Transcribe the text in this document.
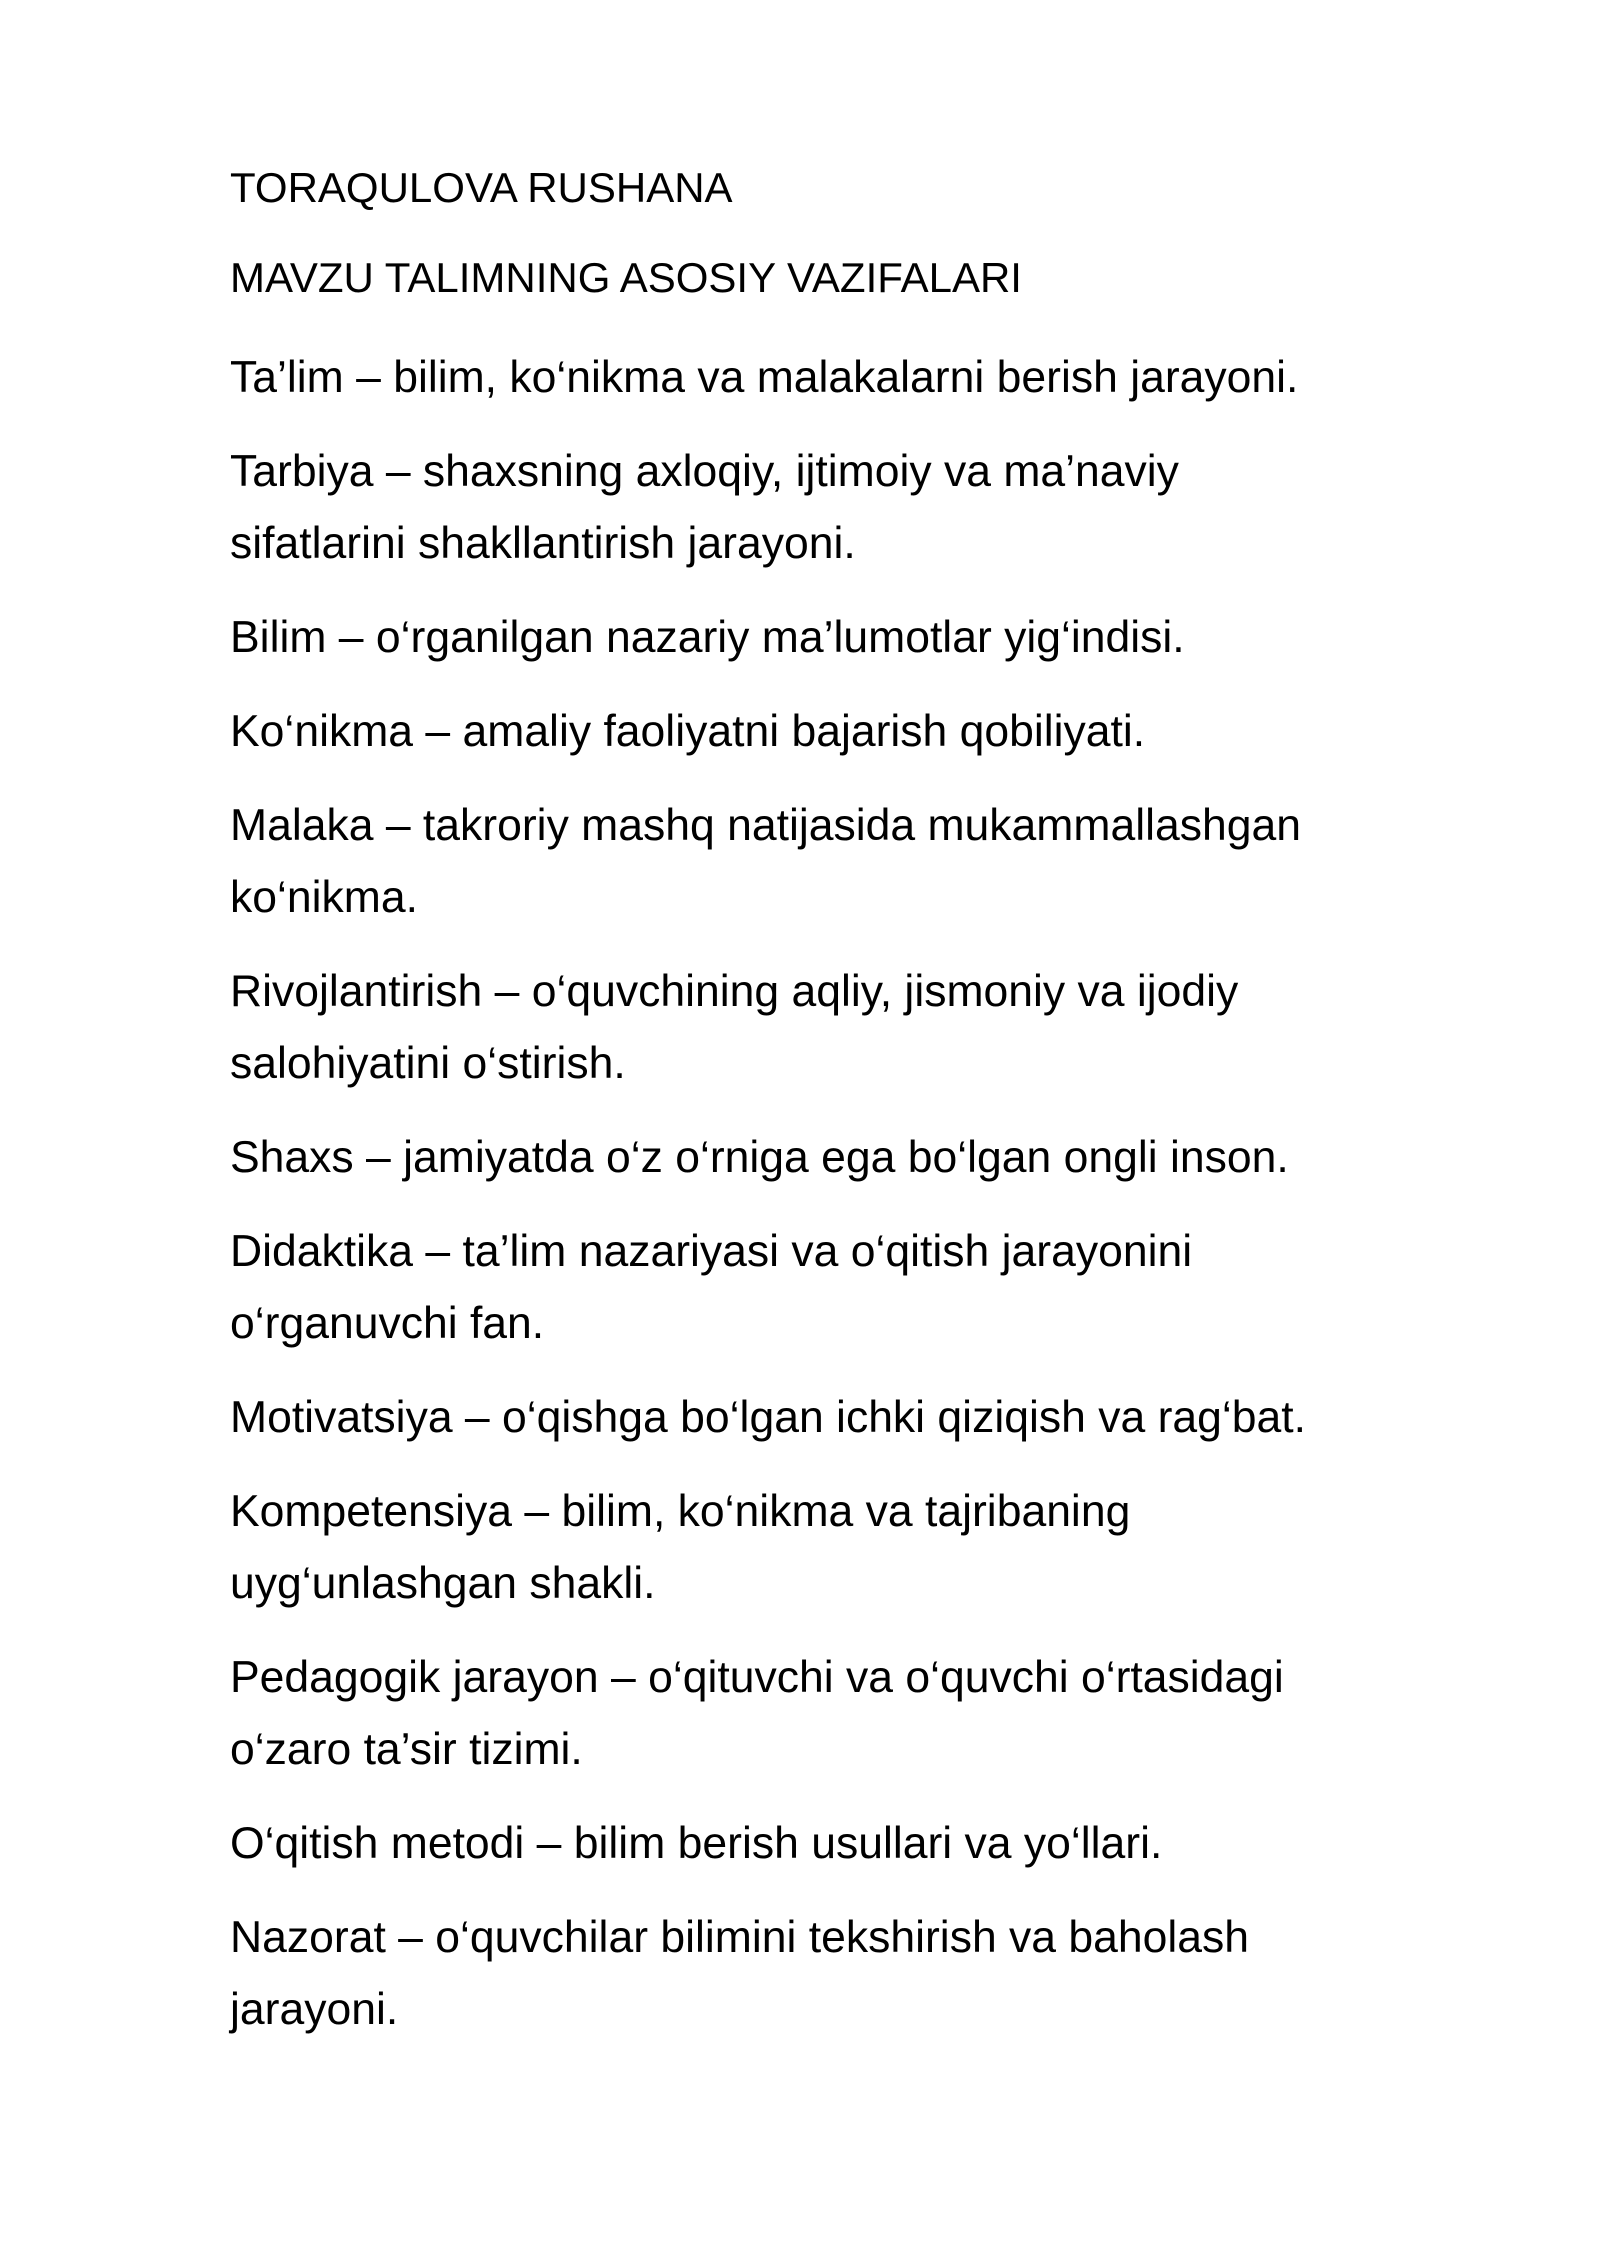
TORAQULOVA RUSHANA

MAVZU TALIMNING ASOSIY VAZIFALARI

Ta’lim – bilim, ko‘nikma va malakalarni berish jarayoni.

Tarbiya – shaxsning axloqiy, ijtimoiy va ma’naviy
sifatlarini shakllantirish jarayoni.

Bilim – o‘rganilgan nazariy ma’lumotlar yig‘indisi.

Ko‘nikma – amaliy faoliyatni bajarish qobiliyati.

Malaka – takroriy mashq natijasida mukammallashgan
ko‘nikma.

Rivojlantirish – o‘quvchining aqliy, jismoniy va ijodiy
salohiyatini o‘stirish.

Shaxs – jamiyatda o‘z o‘rniga ega bo‘lgan ongli inson.

Didaktika – ta’lim nazariyasi va o‘qitish jarayonini
o‘rganuvchi fan.

Motivatsiya – o‘qishga bo‘lgan ichki qiziqish va rag‘bat.

Kompetensiya – bilim, ko‘nikma va tajribaning
uyg‘unlashgan shakli.

Pedagogik jarayon – o‘qituvchi va o‘quvchi o‘rtasidagi
o‘zaro ta’sir tizimi.

O‘qitish metodi – bilim berish usullari va yo‘llari.

Nazorat – o‘quvchilar bilimini tekshirish va baholash
jarayoni.
